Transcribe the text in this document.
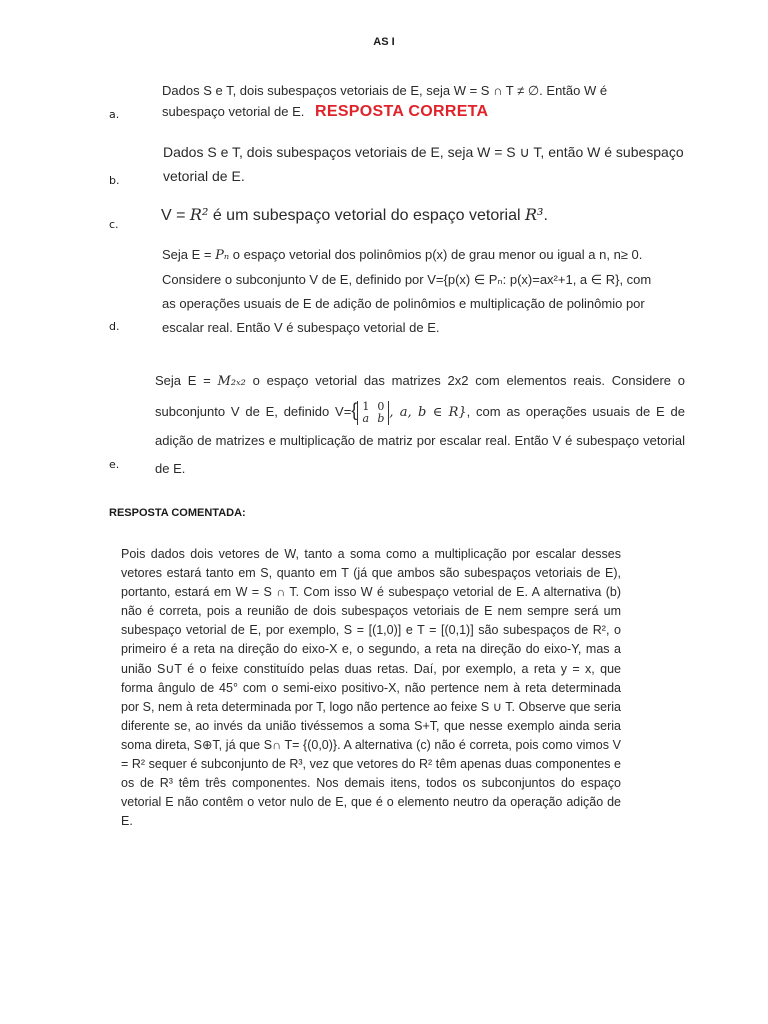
AS I
a.
b.
c.
d.
e.
Dados S e T, dois subespaços vetoriais de E, seja W = S ∩ T ≠ ∅. Então W é subespaço vetorial de E. RESPOSTA CORRETA
Dados S e T, dois subespaços vetoriais de E, seja W = S ∪ T, então W é subespaço vetorial de E.
V = R² é um subespaço vetorial do espaço vetorial R³.
Seja E = Pₙ o espaço vetorial dos polinômios p(x) de grau menor ou igual a n, n≥ 0.
Considere o subconjunto V de E, definido por V={p(x) ∈ Pₙ: p(x)=ax²+1, a ∈ R}, com
as operações usuais de E de adição de polinômios e multiplicação de polinômio por
escalar real. Então V é subespaço vetorial de E.
Seja E = M₂ₓ₂ o espaço vetorial das matrizes 2x2 com elementos reais. Considere o subconjunto V de E, definido V={ 1	0
a	b , a, b ∈ R}, com as operações usuais de E de adição de matrizes e multiplicação de matriz por escalar real. Então V é subespaço vetorial de E.
RESPOSTA COMENTADA:

Pois dados dois vetores de W, tanto a soma como a multiplicação por escalar desses vetores estará tanto em S, quanto em T (já que ambos são subespaços vetoriais de E), portanto, estará em W = S ∩ T. Com isso W é subespaço vetorial de E. A alternativa (b) não é correta, pois a reunião de dois subespaços vetoriais de E nem sempre será um subespaço vetorial de E, por exemplo, S = [(1,0)] e T = [(0,1)] são subespaços de R², o primeiro é a reta na direção do eixo-X e, o segundo, a reta na direção do eixo-Y, mas a união S∪T é o feixe constituído pelas duas retas. Daí, por exemplo, a reta y = x, que forma ângulo de 45° com o semi-eixo positivo-X, não pertence nem à reta determinada por S, nem à reta determinada por T, logo não pertence ao feixe S ∪ T. Observe que seria diferente se, ao invés da união tivéssemos a soma S+T, que nesse exemplo ainda seria soma direta, S⊕T, já que S∩ T= {(0,0)}. A alternativa (c) não é correta, pois como vimos V = R² sequer é subconjunto de R³, vez que vetores do R² têm apenas duas componentes e os de R³ têm três componentes. Nos demais itens, todos os subconjuntos do espaço vetorial E não contêm o vetor nulo de E, que é o elemento neutro da operação adição de E.
